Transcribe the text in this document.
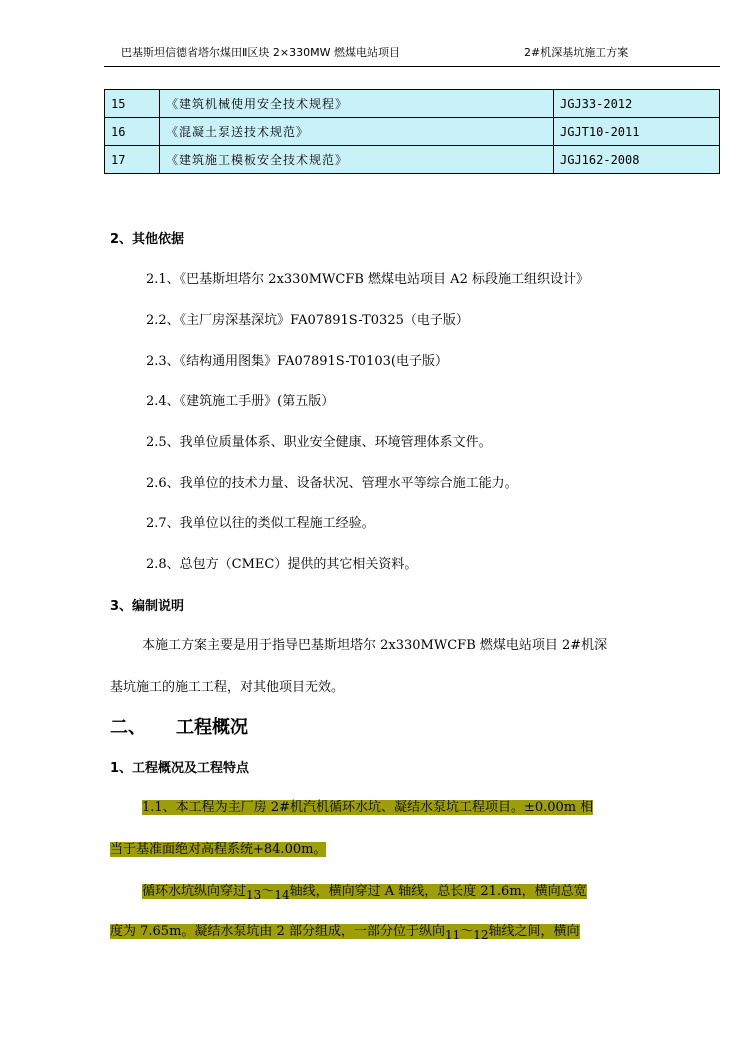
巴基斯坦信德省塔尔煤田Ⅱ区块 2×330MW 燃煤电站项目	2#机深基坑施工方案
15	《建筑机械使用安全技术规程》	JGJ33-2012
16	《混凝土泵送技术规范》	JGJT10-2011
17	《建筑施工模板安全技术规范》	JGJ162-2008
2、其他依据
2.1、《巴基斯坦塔尔 2x330MWCFB 燃煤电站项目 A2 标段施工组织设计》
2.2、《主厂房深基深坑》FA07891S-T0325（电子版）
2.3、《结构通用图集》FA07891S-T0103(电子版）
2.4、《建筑施工手册》(第五版）
2.5、我单位质量体系、职业安全健康、环境管理体系文件。
2.6、我单位的技术力量、设备状况、管理水平等综合施工能力。
2.7、我单位以往的类似工程施工经验。
2.8、总包方（CMEC）提供的其它相关资料。
3、编制说明
本施工方案主要是用于指导巴基斯坦塔尔 2x330MWCFB 燃煤电站项目 2#机深
基坑施工的施工工程，对其他项目无效。
二、 工程概况
1、工程概况及工程特点
1.1、本工程为主厂房 2#机汽机循环水坑、凝结水泵坑工程项目。±0.00m 相
当于基准面绝对高程系统+84.00m。
循环水坑纵向穿过13～14轴线，横向穿过 A 轴线，总长度 21.6m，横向总宽
度为 7.65m。凝结水泵坑由 2 部分组成，一部分位于纵向11～12轴线之间，横向
